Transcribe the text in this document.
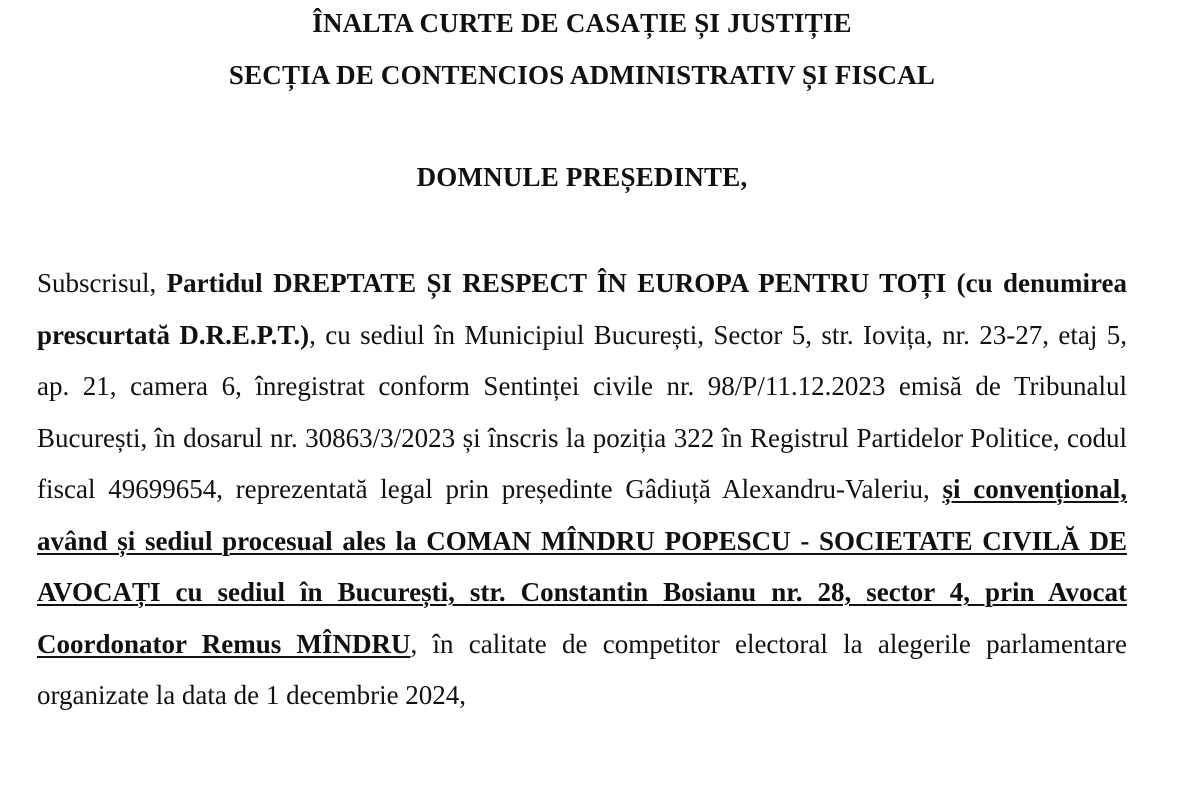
ÎNALTA CURTE DE CASAȚIE ȘI JUSTIȚIE
SECȚIA DE CONTENCIOS ADMINISTRATIV ȘI FISCAL
DOMNULE PREȘEDINTE,
Subscrisul, Partidul DREPTATE ȘI RESPECT ÎN EUROPA PENTRU TOȚI (cu denumirea prescurtată D.R.E.P.T.), cu sediul în Municipiul București, Sector 5, str. Iovița, nr. 23-27, etaj 5, ap. 21, camera 6, înregistrat conform Sentinței civile nr. 98/P/11.12.2023 emisă de Tribunalul București, în dosarul nr. 30863/3/2023 și înscris la poziția 322 în Registrul Partidelor Politice, codul fiscal 49699654, reprezentată legal prin președinte Gâdiuță Alexandru-Valeriu, și convențional, având și sediul procesual ales la COMAN MÎNDRU POPESCU - SOCIETATE CIVILĂ DE AVOCAȚI cu sediul în București, str. Constantin Bosianu nr. 28, sector 4, prin Avocat Coordonator Remus MÎNDRU, în calitate de competitor electoral la alegerile parlamentare organizate la data de 1 decembrie 2024,
